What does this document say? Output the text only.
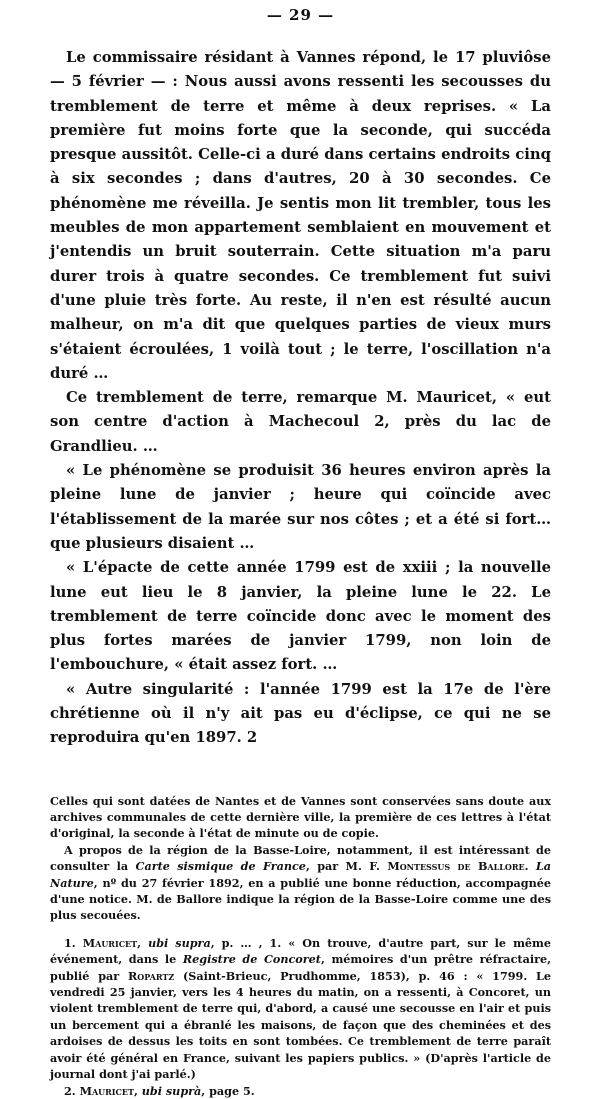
— 29 —

Le commissaire résidant à Vannes répond, le 17 pluviôse — 5 février — : Nous aussi avons ressenti les secousses du tremblement de terre et même à deux reprises. « La première fut moins forte que la seconde, qui succéda presque aussitôt. Celle-ci a duré dans certains endroits cinq à six secondes ; dans d'autres, 20 à 30 secondes. Ce phénomène me réveilla. Je sentis mon lit trembler, tous les meubles de mon appartement semblaient en mouvement et j'entendis un bruit souterrain. Cette situation m'a paru durer trois à quatre secondes. Ce tremblement fut suivi d'une pluie très forte. Au reste, il n'en est résulté aucun malheur, on m'a dit que quelques parties de vieux murs s'étaient écroulées, 1 voilà tout ; le terre, l'oscillation n'a duré …

Ce tremblement de terre, remarque M. Mauricet, « eut son centre d'action à Machecoul 2, près du lac de Grandlieu. …

« Le phénomène se produisit 36 heures environ après la pleine lune de janvier ; heure qui coïncide avec l'établissement de la marée sur nos côtes ; et a été si fort… que plusieurs disaient …

« L'épacte de cette année 1799 est de xxiii ; la nouvelle lune eut lieu le 8 janvier, la pleine lune le 22. Le tremblement de terre coïncide donc avec le moment des plus fortes marées de janvier 1799, non loin de l'embouchure, « était assez fort. …

« Autre singularité : l'année 1799 est la 17e de l'ère chrétienne où il n'y ait pas eu d'éclipse, ce qui ne se reproduira qu'en 1897. 2

Celles qui sont datées de Nantes et de Vannes sont conservées sans doute aux archives communales de cette dernière ville, la première de ces lettres à l'état d'original, la seconde à l'état de minute ou de copie.

A propos de la région de la Basse-Loire, notamment, il est intéressant de consulter la Carte sismique de France, par M. F. Montessus de Ballore. La Nature, nº du 27 février 1892, en a publié une bonne réduction, accompagnée d'une notice. M. de Ballore indique la région de la Basse-Loire comme une des plus secouées.

1. Mauricet, ubi supra, p. … , 1. « On trouve, d'autre part, sur le même événement, dans le Registre de Concoret, mémoires d'un prêtre réfractaire, publié par Ropartz (Saint-Brieuc, Prudhomme, 1853), p. 46 : « 1799. Le vendredi 25 janvier, vers les 4 heures du matin, on a ressenti, à Concoret, un violent tremblement de terre qui, d'abord, a causé une secousse en l'air et puis un bercement qui a ébranlé les maisons, de façon que des cheminées et des ardoises de dessus les toits en sont tombées. Ce tremblement de terre paraît avoir été général en France, suivant les papiers publics. » (D'après l'article de journal dont j'ai parlé.)

2. Mauricet, ubi suprà, page 5.
